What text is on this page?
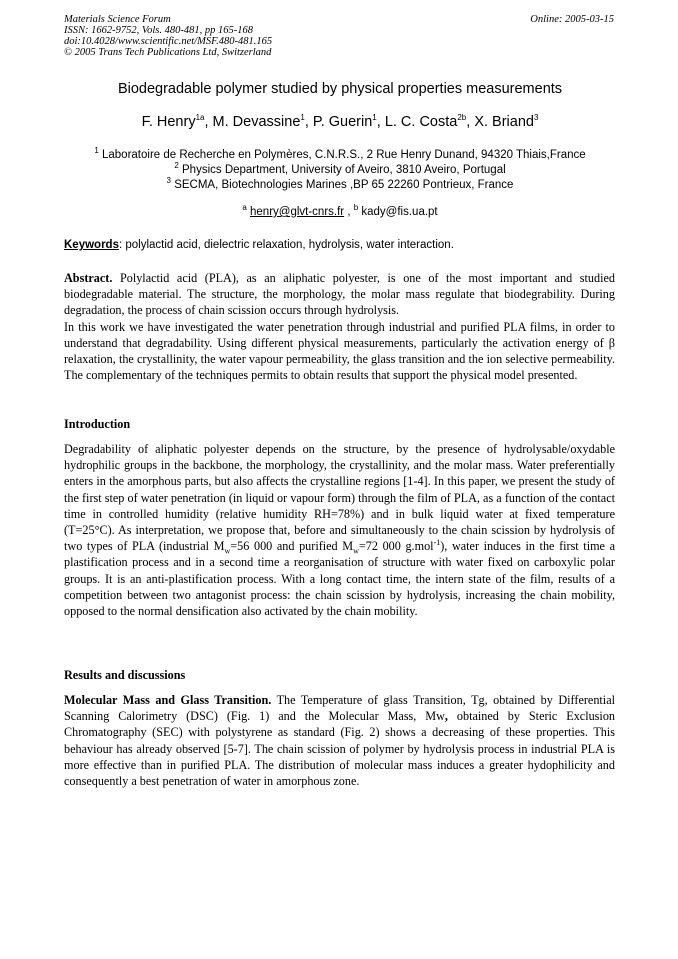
Materials Science Forum
ISSN: 1662-9752, Vols. 480-481, pp 165-168
doi:10.4028/www.scientific.net/MSF.480-481.165
© 2005 Trans Tech Publications Ltd, Switzerland
Online: 2005-03-15
Biodegradable polymer studied by physical properties measurements
F. Henry$^{1a}$, M. Devassine$^1$, P. Guerin$^1$, L. C. Costa$^{2b}$, X. Briand$^3$
$^1$ Laboratoire de Recherche en Polymères, C.N.R.S., 2 Rue Henry Dunand, 94320 Thiais,France
$^2$ Physics Department, University of Aveiro, 3810 Aveiro, Portugal
$^3$ SECMA, Biotechnologies Marines ,BP 65 22260 Pontrieux, France
$^a$ henry@glvt-cnrs.fr , $^b$ kady@fis.ua.pt
Keywords: polylactid acid, dielectric relaxation, hydrolysis, water interaction.

Abstract. Polylactid acid (PLA), as an aliphatic polyester, is one of the most important and studied biodegradable material. The structure, the morphology, the molar mass regulate that biodegrability. During degradation, the process of chain scission occurs through hydrolysis.

In this work we have investigated the water penetration through industrial and purified PLA films, in order to understand that degradability. Using different physical measurements, particularly the activation energy of β relaxation, the crystallinity, the water vapour permeability, the glass transition and the ion selective permeability. The complementary of the techniques permits to obtain results that support the physical model presented.

Introduction

Degradability of aliphatic polyester depends on the structure, by the presence of hydrolysable/oxydable hydrophilic groups in the backbone, the morphology, the crystallinity, and the molar mass. Water preferentially enters in the amorphous parts, but also affects the crystalline regions [1-4]. In this paper, we present the study of the first step of water penetration (in liquid or vapour form) through the film of PLA, as a function of the contact time in controlled humidity (relative humidity RH=78%) and in bulk liquid water at fixed temperature (T=25°C). As interpretation, we propose that, before and simultaneously to the chain scission by hydrolysis of two types of PLA (industrial $M_w=56$ 000 and purified $M_w=72$ 000 g.mol$^{-1}$), water induces in the first time a plastification process and in a second time a reorganisation of structure with water fixed on carboxylic polar groups. It is an anti-plastification process. With a long contact time, the intern state of the film, results of a competition between two antagonist process: the chain scission by hydrolysis, increasing the chain mobility, opposed to the normal densification also activated by the chain mobility.

Results and discussions

Molecular Mass and Glass Transition. The Temperature of glass Transition, Tg, obtained by Differential Scanning Calorimetry (DSC) (Fig. 1) and the Molecular Mass, Mw, obtained by Steric Exclusion Chromatography (SEC) with polystyrene as standard (Fig. 2) shows a decreasing of these properties. This behaviour has already observed [5-7]. The chain scission of polymer by hydrolysis process in industrial PLA is more effective than in purified PLA. The distribution of molecular mass induces a greater hydophilicity and consequently a best penetration of water in amorphous zone.
